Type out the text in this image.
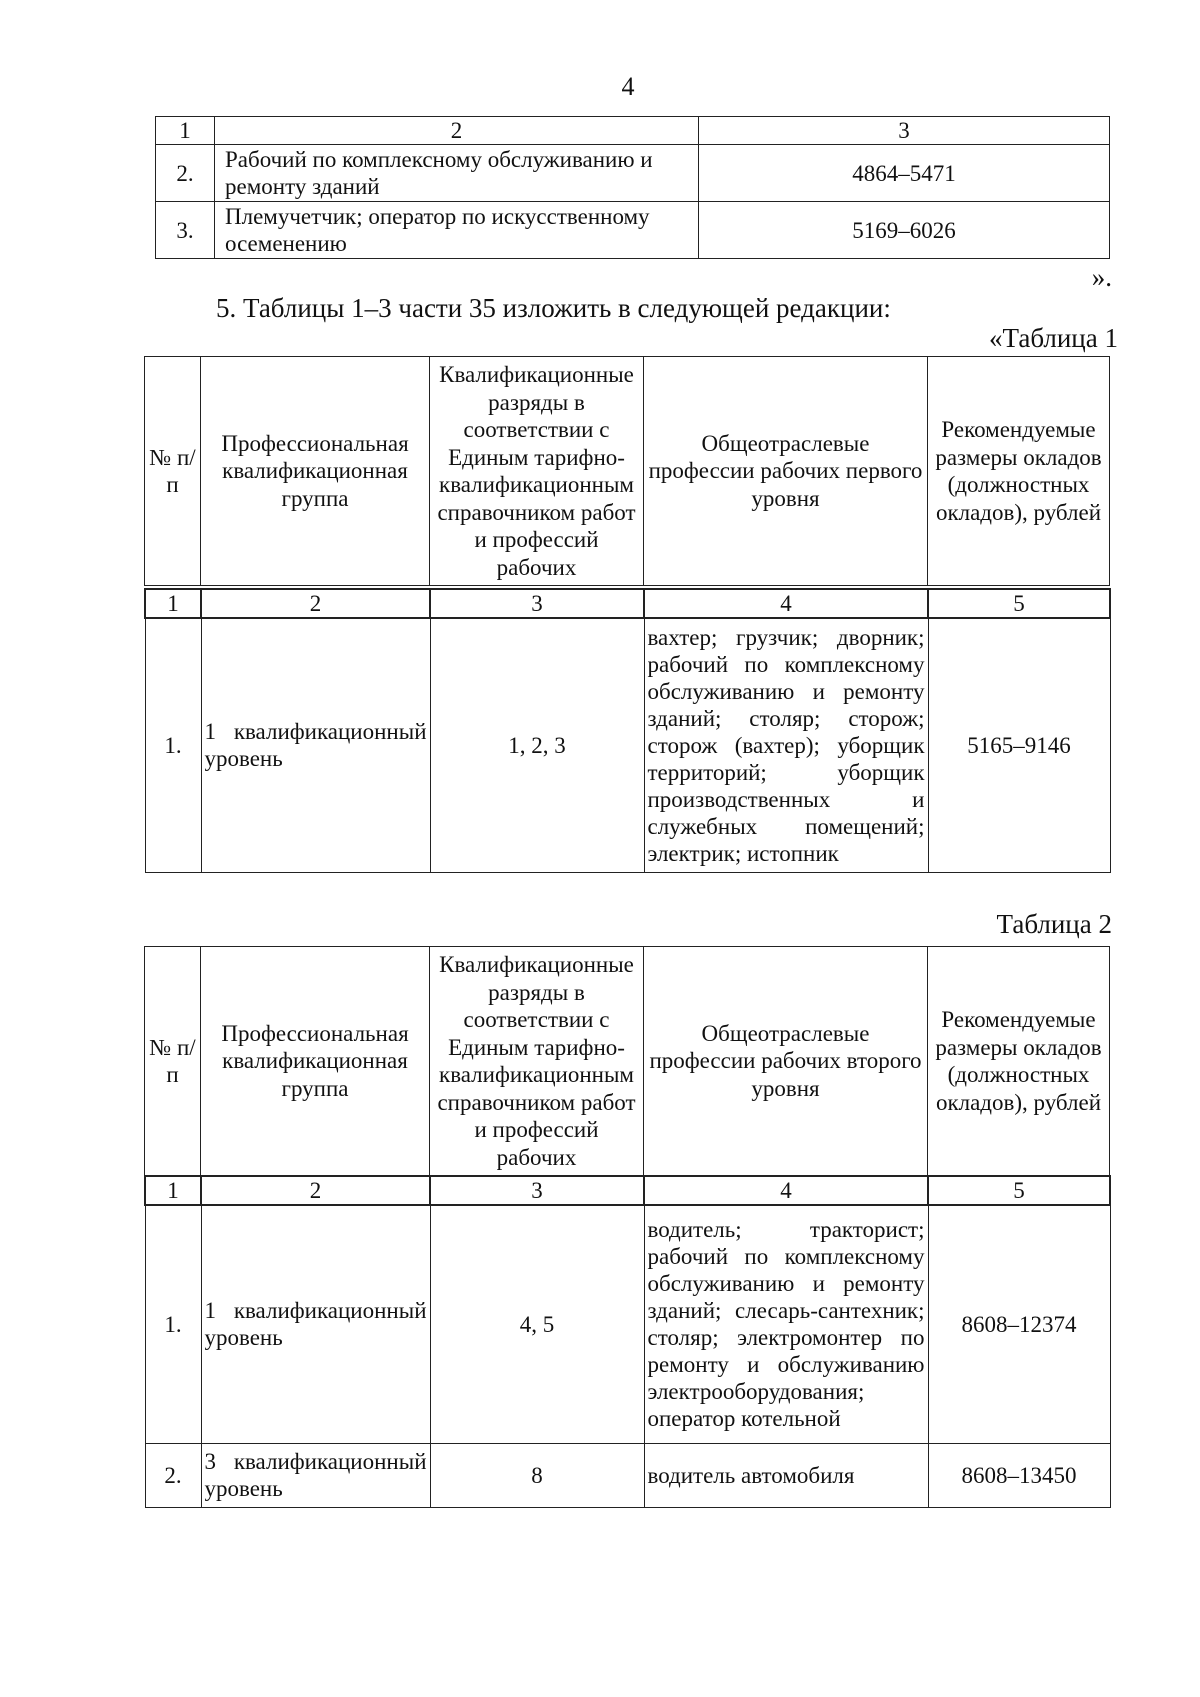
4
1	2	3
2.	Рабочий по комплексному обслуживанию и ремонту зданий	4864–5471
3.	Племучетчик; оператор по искусственному осеменению	5169–6026
».
5. Таблицы 1–3 части 35 изложить в следующей редакции:
«Таблица 1
№ п/п	Профессиональная квалификационная группа	Квалификационные разряды в соответствии с Единым тарифно-квалификационным справочником работ и профессий рабочих	Общеотраслевые профессии рабочих первого уровня	Рекомендуемые размеры окладов (должностных окладов), рублей
1	2	3	4	5
1.	1 квалификационный уровень	1, 2, 3	вахтер; грузчик; дворник; рабочий по комплексному обслуживанию и ремонту зданий; столяр; сторож; сторож (вахтер); уборщик территорий; уборщик производственных и служебных помещений; электрик; истопник	5165–9146
Таблица 2
№ п/п	Профессиональная квалификационная группа	Квалификационные разряды в соответствии с Единым тарифно-квалификационным справочником работ и профессий рабочих	Общеотраслевые профессии рабочих второго уровня	Рекомендуемые размеры окладов (должностных окладов), рублей
1	2	3	4	5
1.	1 квалификационный уровень	4, 5	водитель; тракторист; рабочий по комплексному обслуживанию и ремонту зданий; слесарь-сантехник; столяр; электромонтер по ремонту и обслуживанию электрооборудования; оператор котельной	8608–12374
2.	3 квалификационный уровень	8	водитель автомобиля	8608–13450
